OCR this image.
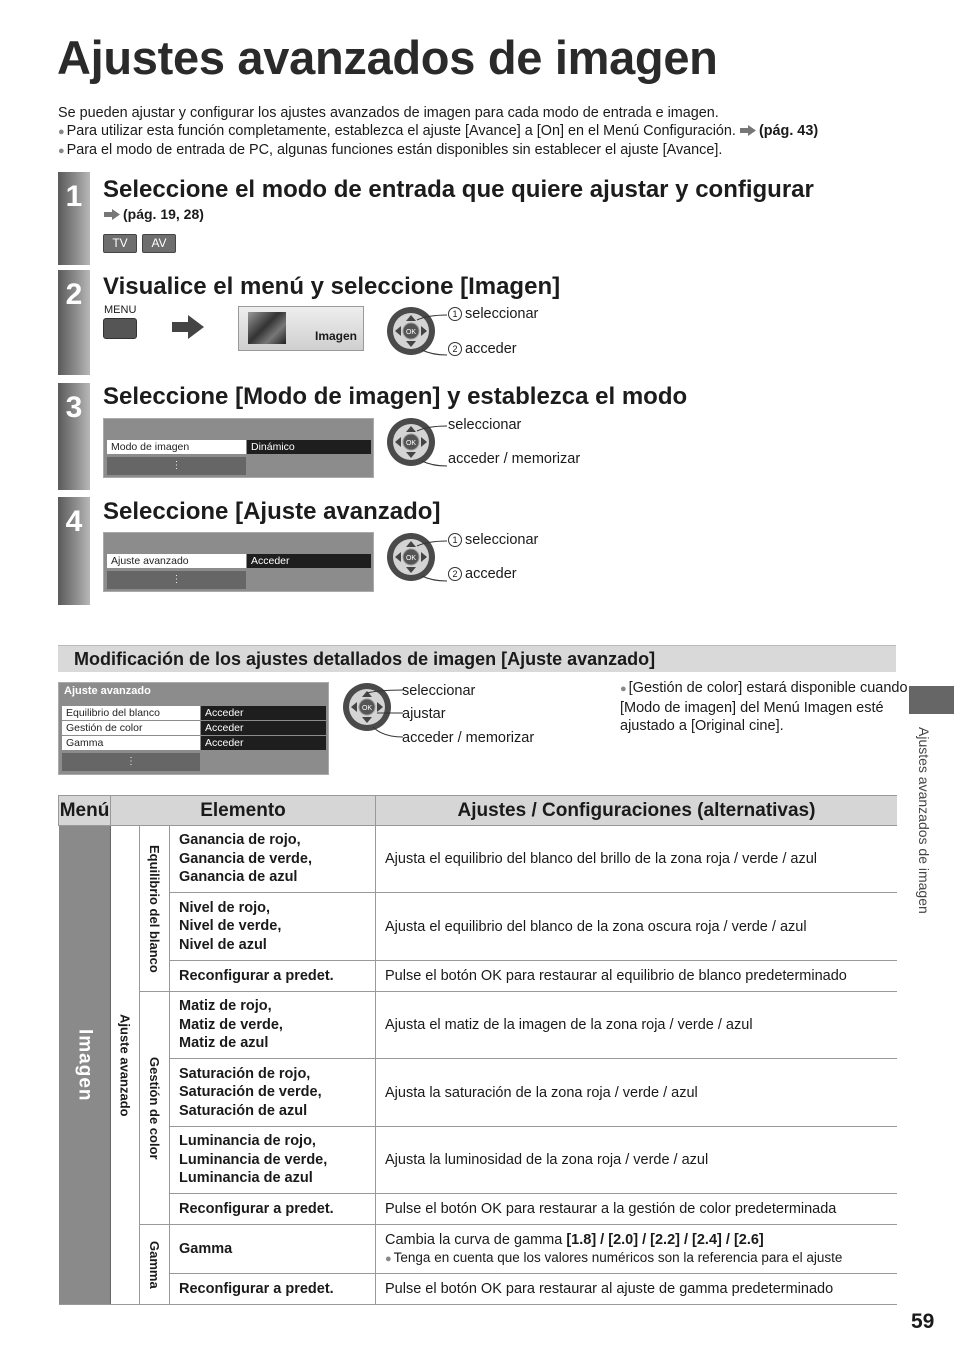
Ajustes avanzados de imagen
Se pueden ajustar y configurar los ajustes avanzados de imagen para cada modo de entrada e imagen.
● Para utilizar esta función completamente, establezca el ajuste [Avance] a [On] en el Menú Configuración. (pág. 43)
● Para el modo de entrada de PC, algunas funciones están disponibles sin establecer el ajuste [Avance].
1 Seleccione el modo de entrada que quiere ajustar y configurar
(pág. 19, 28)
TV	AV
2 Visualice el menú y seleccione [Imagen]
MENU
Imagen	OK
1 seleccionar
2 acceder
3 Seleccione [Modo de imagen] y establezca el modo
Modo de imagen	Dinámico
⋮
OK
seleccionar
acceder / memorizar
4 Seleccione [Ajuste avanzado]
Ajuste avanzado	Acceder
⋮
OK
1 seleccionar
2 acceder
Modificación de los ajustes detallados de imagen [Ajuste avanzado]
Ajuste avanzado
Equilibrio del blanco	Acceder
Gestión de color	Acceder
Gamma	Acceder
⋮
OK
seleccionar
ajustar
acceder / memorizar
● [Gestión de color] estará disponible cuando [Modo de imagen] del Menú Imagen esté ajustado a [Original cine].
Ajustes avanzados de imagen
Menú	Elemento			Ajustes / Configuraciones (alternativas)

Imagen	Ajuste avanzado	Equilibrio del blanco	Ganancia de rojo,
Ganancia de verde,
Ganancia de azul	Ajusta el equilibrio del blanco del brillo de la zona roja / verde / azul

			Nivel de rojo,
Nivel de verde,
Nivel de azul	Ajusta el equilibrio del blanco de la zona oscura roja / verde / azul

			Reconfigurar a predet.	Pulse el botón OK para restaurar al equilibrio de blanco predeterminado

		Gestión de color	Matiz de rojo,
Matiz de verde,
Matiz de azul	Ajusta el matiz de la imagen de la zona roja / verde / azul

			Saturación de rojo,
Saturación de verde,
Saturación de azul	Ajusta la saturación de la zona roja / verde / azul

			Luminancia de rojo,
Luminancia de verde,
Luminancia de azul	Ajusta la luminosidad de la zona roja / verde / azul

			Reconfigurar a predet.	Pulse el botón OK para restaurar a la gestión de color predeterminada

		Gamma	Gamma	Cambia la curva de gamma [1.8] / [2.0] / [2.2] / [2.4] / [2.6]
● Tenga en cuenta que los valores numéricos son la referencia para el ajuste

			Reconfigurar a predet.	Pulse el botón OK para restaurar al ajuste de gamma predeterminado
59
